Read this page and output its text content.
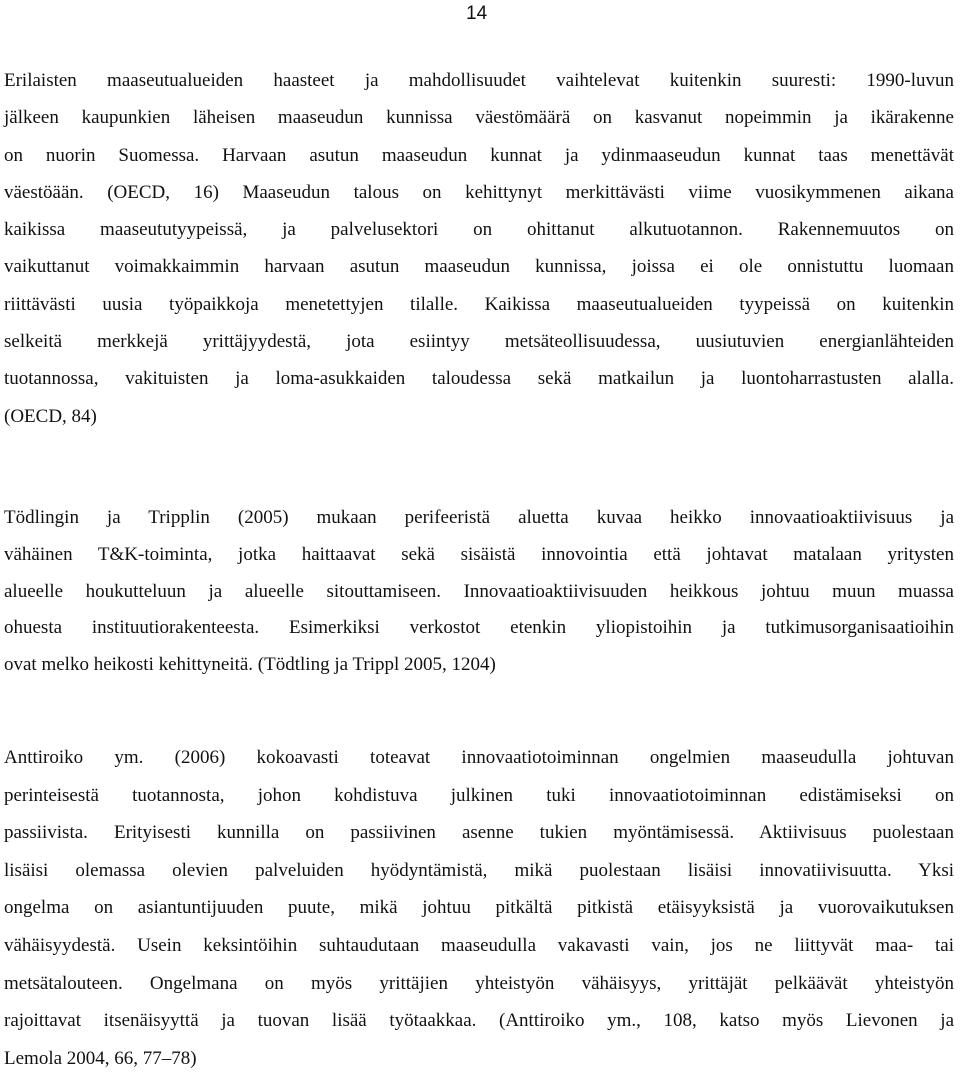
14
Erilaisten maaseutualueiden haasteet ja mahdollisuudet vaihtelevat kuitenkin suuresti: 1990-luvun
jälkeen kaupunkien läheisen maaseudun kunnissa väestömäärä on kasvanut nopeimmin ja ikärakenne
on nuorin Suomessa. Harvaan asutun maaseudun kunnat ja ydinmaaseudun kunnat taas menettävät
väestöään. (OECD, 16) Maaseudun talous on kehittynyt merkittävästi viime vuosikymmenen aikana
kaikissa maaseututyypeissä, ja palvelusektori on ohittanut alkutuotannon. Rakennemuutos on
vaikuttanut voimakkaimmin harvaan asutun maaseudun kunnissa, joissa ei ole onnistuttu luomaan
riittävästi uusia työpaikkoja menetettyjen tilalle. Kaikissa maaseutualueiden tyypeissä on kuitenkin
selkeitä merkkejä yrittäjyydestä, jota esiintyy metsäteollisuudessa, uusiutuvien energianlähteiden
tuotannossa, vakituisten ja loma-asukkaiden taloudessa sekä matkailun ja luontoharrastusten alalla.
(OECD, 84)
Tödlingin ja Tripplin (2005) mukaan perifeeristä aluetta kuvaa heikko innovaatioaktiivisuus ja
vähäinen T&K-toiminta, jotka haittaavat sekä sisäistä innovointia että johtavat matalaan yritysten
alueelle houkutteluun ja alueelle sitouttamiseen. Innovaatioaktiivisuuden heikkous johtuu muun muassa
ohuesta instituutiorakenteesta. Esimerkiksi verkostot etenkin yliopistoihin ja tutkimusorganisaatioihin
ovat melko heikosti kehittyneitä. (Tödtling ja Trippl 2005, 1204)
Anttiroiko ym. (2006) kokoavasti toteavat innovaatiotoiminnan ongelmien maaseudulla johtuvan
perinteisestä tuotannosta, johon kohdistuva julkinen tuki innovaatiotoiminnan edistämiseksi on
passiivista. Erityisesti kunnilla on passiivinen asenne tukien myöntämisessä. Aktiivisuus puolestaan
lisäisi olemassa olevien palveluiden hyödyntämistä, mikä puolestaan lisäisi innovatiivisuutta. Yksi
ongelma on asiantuntijuuden puute, mikä johtuu pitkältä pitkistä etäisyyksistä ja vuorovaikutuksen
vähäisyydestä. Usein keksintöihin suhtaudutaan maaseudulla vakavasti vain, jos ne liittyvät maa- tai
metsätalouteen. Ongelmana on myös yrittäjien yhteistyön vähäisyys, yrittäjät pelkäävät yhteistyön
rajoittavat itsenäisyyttä ja tuovan lisää työtaakkaa. (Anttiroiko ym., 108, katso myös Lievonen ja
Lemola 2004, 66, 77–78)
